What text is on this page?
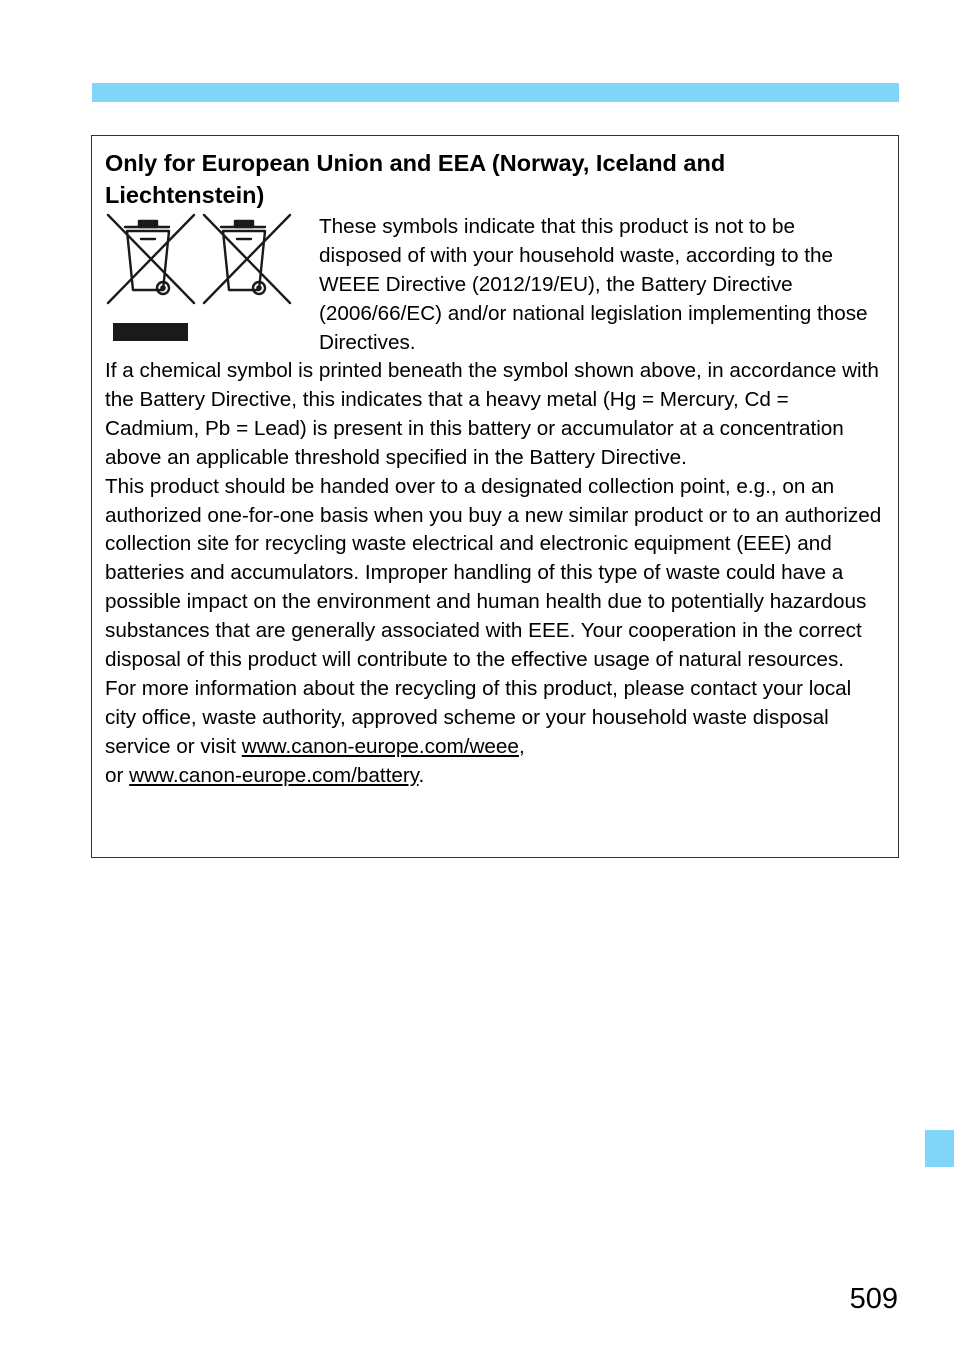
Only for European Union and EEA (Norway, Iceland and Liechtenstein)

These symbols indicate that this product is not to be disposed of with your household waste, according to the WEEE Directive (2012/19/EU), the Battery Directive (2006/66/EC) and/or national legislation implementing those Directives.

If a chemical symbol is printed beneath the symbol shown above, in accordance with the Battery Directive, this indicates that a heavy metal (Hg = Mercury, Cd = Cadmium, Pb = Lead) is present in this battery or accumulator at a concentration above an applicable threshold specified in the Battery Directive.

This product should be handed over to a designated collection point, e.g., on an authorized one-for-one basis when you buy a new similar product or to an authorized collection site for recycling waste electrical and electronic equipment (EEE) and batteries and accumulators. Improper handling of this type of waste could have a possible impact on the environment and human health due to potentially hazardous substances that are generally associated with EEE. Your cooperation in the correct disposal of this product will contribute to the effective usage of natural resources.

For more information about the recycling of this product, please contact your local city office, waste authority, approved scheme or your household waste disposal service or visit www.canon-europe.com/weee,
or www.canon-europe.com/battery.

509
